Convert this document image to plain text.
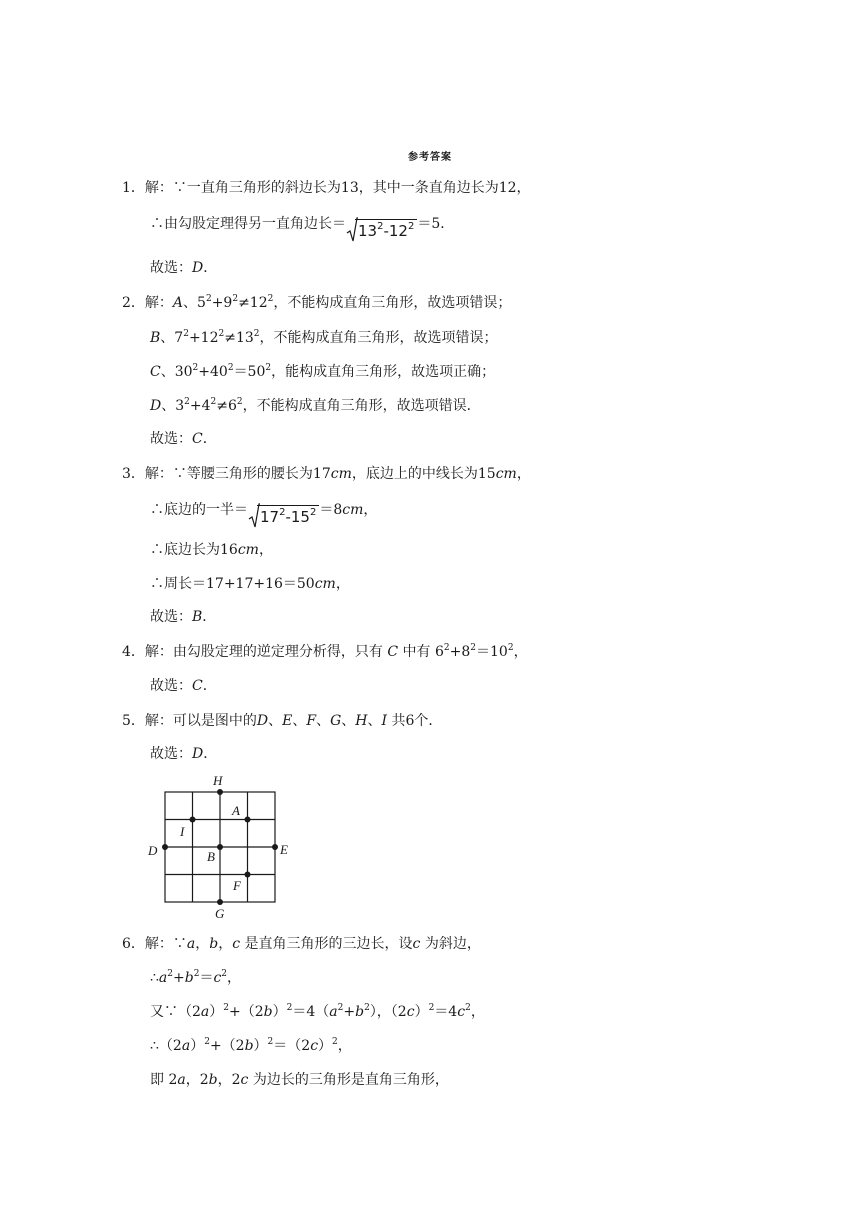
参考答案
1．解：∵一直角三角形的斜边长为13，其中一条直角边长为12，
∴由勾股定理得另一直角边长＝ $13^2-12^2 =5$．
故选：D．
2．解：A、$5^2+9^2\ne 12^2$，不能构成直角三角形，故选项错误；
B、$7^2+12^2\ne 13^2$，不能构成直角三角形，故选项错误；
C、$30^2+40^2=50^2$，能构成直角三角形，故选项正确；
D、$3^2+4^2\ne 6^2$，不能构成直角三角形，故选项错误．
故选：C．
3．解：∵等腰三角形的腰长为17cm，底边上的中线长为15cm，
∴底边的一半＝ $17^2-15^2 =8cm$，
∴底边长为16cm，
∴周长＝17+17+16＝50cm，
故选：B．
4．解：由勾股定理的逆定理分析得，只有 C 中有 $6^2+8^2=10^2$，
故选：C．
5．解：可以是图中的D、E、F、G、H、I 共6个．
故选：D．
H
A
I
D	B	E
F
G
6．解：∵a，b，c 是直角三角形的三边长，设c 为斜边，
$\therefore a^2+b^2=c^2$，
又$\because(2a)^2+(2b)^2=4(a^2+b^2)$，$(2c)^2=4c^2$，
$\therefore(2a)^2+(2b)^2=(2c)^2$，
即 2a，2b，2c 为边长的三角形是直角三角形，
